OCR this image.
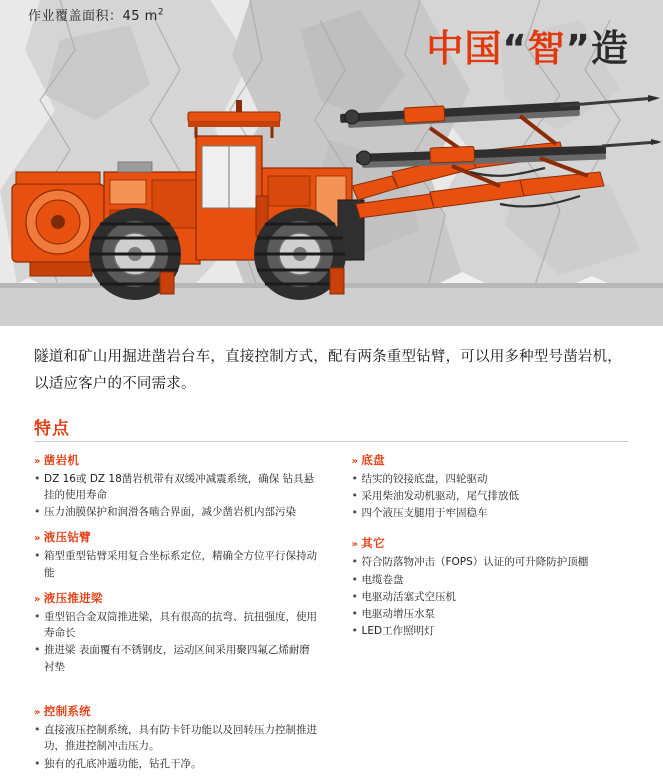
作业覆盖面积：45 $m^2$
中国“智”造

隧道和矿山用掘进凿岩台车，直接控制方式，配有两条重型钻臂，可以用多种型号凿岩机，以适应客户的不同需求。

特点
» 凿岩机
• DZ 16或 DZ 18凿岩机带有双缓冲减震系统，确保 钻具悬挂的使用寿命
• 压力油膜保护和润滑各啮合界面，减少凿岩机内部污染
» 液压钻臂
• 箱型重型钻臂采用复合坐标系定位，精确全方位平行保持动能
» 液压推进梁
• 重型铝合金双筒推进梁，具有很高的抗弯、抗扭强度，使用寿命长
• 推进梁 表面覆有不锈钢皮，运动区间采用聚四氟乙烯耐磨衬垫
» 控制系统
• 直接液压控制系统，具有防卡钎功能以及回转压力控制推进功，推进控制冲击压力。
• 独有的孔底冲遁功能，钻孔干净。
» 底盘
• 结实的铰接底盘，四轮驱动
• 采用柴油发动机驱动，尾气排放低
• 四个液压支腿用于牢固稳车
» 其它
• 符合防落物冲击（FOPS）认证的可升降防护顶棚
• 电缆卷盘
• 电驱动活塞式空压机
• 电驱动增压水泵
• LED工作照明灯
